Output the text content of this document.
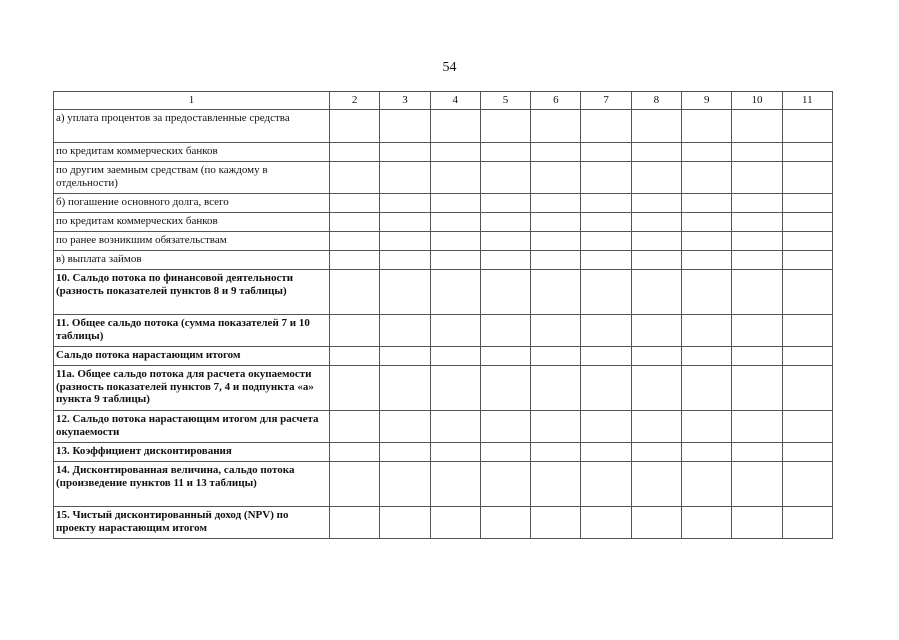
54
1	2	3	4	5	6	7	8	9	10	11
а) уплата процентов за предоставленные средства										
по кредитам коммерческих банков										
по другим заемным средствам (по каждому в отдельности)										
б) погашение основного долга, всего										
по кредитам коммерческих банков										
по ранее возникшим обязательствам										
в) выплата займов										
10. Сальдо потока по финансовой деятельности (разность показателей пунктов 8 и 9 таблицы)										
11. Общее сальдо потока (сумма показателей 7 и 10 таблицы)										
Сальдо потока нарастающим итогом										
11а. Общее сальдо потока для расчета окупаемости (разность показателей пунктов 7, 4 и подпункта «а» пункта 9 таблицы)										
12. Сальдо потока нарастающим итогом для расчета окупаемости										
13. Коэффициент дисконтирования										
14. Дисконтированная величина, сальдо потока (произведение пунктов 11 и 13 таблицы)										
15. Чистый дисконтированный доход (NPV) по проекту нарастающим итогом										
